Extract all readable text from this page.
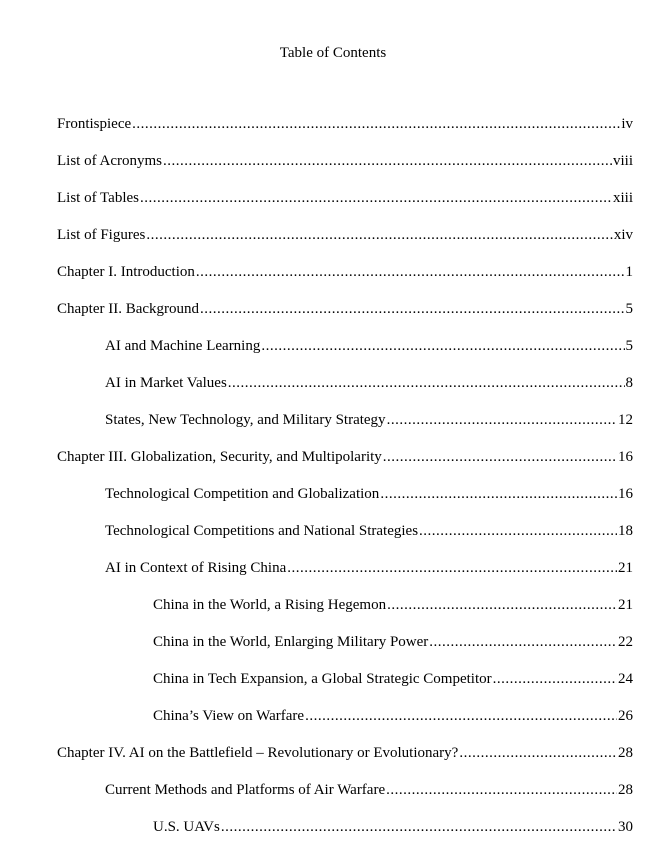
Table of Contents
Frontispiece .....	iv
List of Acronyms .....	viii
List of Tables .....	xiii
List of Figures .....	xiv
Chapter I. Introduction .....	1
Chapter II. Background .....	5
AI and Machine Learning .....	5
AI in Market Values .....	8
States, New Technology, and Military Strategy .....	12
Chapter III. Globalization, Security, and Multipolarity .....	16
Technological Competition and Globalization .....	16
Technological Competitions and National Strategies .....	18
AI in Context of Rising China .....	21
China in the World, a Rising Hegemon .....	21
China in the World, Enlarging Military Power .....	22
China in Tech Expansion, a Global Strategic Competitor .....	24
China’s View on Warfare .....	26
Chapter IV. AI on the Battlefield – Revolutionary or Evolutionary? .....	28
Current Methods and Platforms of Air Warfare .....	28
U.S. UAVs .....	30
